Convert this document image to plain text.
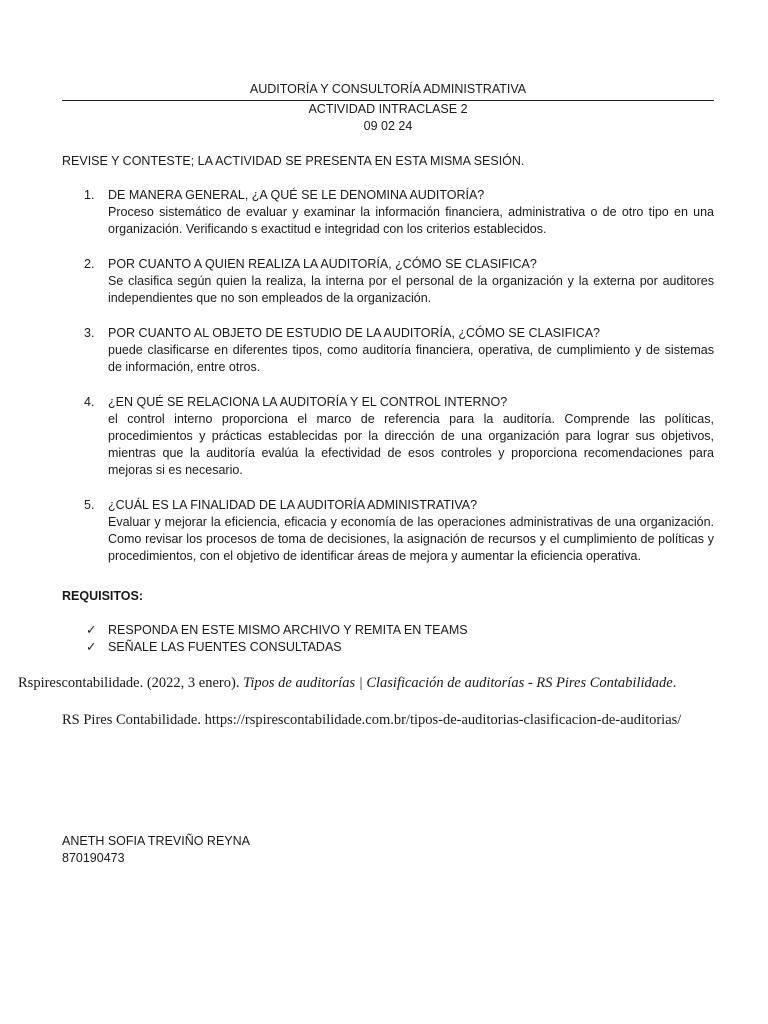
AUDITORÍA Y CONSULTORÍA ADMINISTRATIVA
ACTIVIDAD INTRACLASE 2
09 02 24
REVISE Y CONTESTE; LA ACTIVIDAD SE PRESENTA EN ESTA MISMA SESIÓN.
1. DE MANERA GENERAL, ¿A QUÉ SE LE DENOMINA AUDITORÍA?
Proceso sistemático de evaluar y examinar la información financiera, administrativa o de otro tipo en una organización. Verificando s exactitud e integridad con los criterios establecidos.
2. POR CUANTO A QUIEN REALIZA LA AUDITORÍA, ¿CÓMO SE CLASIFICA?
Se clasifica según quien la realiza, la interna por el personal de la organización y la externa por auditores independientes que no son empleados de la organización.
3. POR CUANTO AL OBJETO DE ESTUDIO DE LA AUDITORÍA, ¿CÓMO SE CLASIFICA?
puede clasificarse en diferentes tipos, como auditoría financiera, operativa, de cumplimiento y de sistemas de información, entre otros.
4. ¿EN QUÉ SE RELACIONA LA AUDITORÍA Y EL CONTROL INTERNO?
el control interno proporciona el marco de referencia para la auditoría. Comprende las políticas, procedimientos y prácticas establecidas por la dirección de una organización para lograr sus objetivos, mientras que la auditoría evalúa la efectividad de esos controles y proporciona recomendaciones para mejoras si es necesario.
5. ¿CUÁL ES LA FINALIDAD DE LA AUDITORÍA ADMINISTRATIVA?
Evaluar y mejorar la eficiencia, eficacia y economía de las operaciones administrativas de una organización. Como revisar los procesos de toma de decisiones, la asignación de recursos y el cumplimiento de políticas y procedimientos, con el objetivo de identificar áreas de mejora y aumentar la eficiencia operativa.
REQUISITOS:
✓ RESPONDA EN ESTE MISMO ARCHIVO Y REMITA EN TEAMS
✓ SEÑALE LAS FUENTES CONSULTADAS
Rspirescontabilidade. (2022, 3 enero). Tipos de auditorías | Clasificación de auditorías - RS Pires Contabilidade.
RS Pires Contabilidade. https://rspirescontabilidade.com.br/tipos-de-auditorias-clasificacion-de-auditorias/
ANETH SOFIA TREVIÑO REYNA
870190473
